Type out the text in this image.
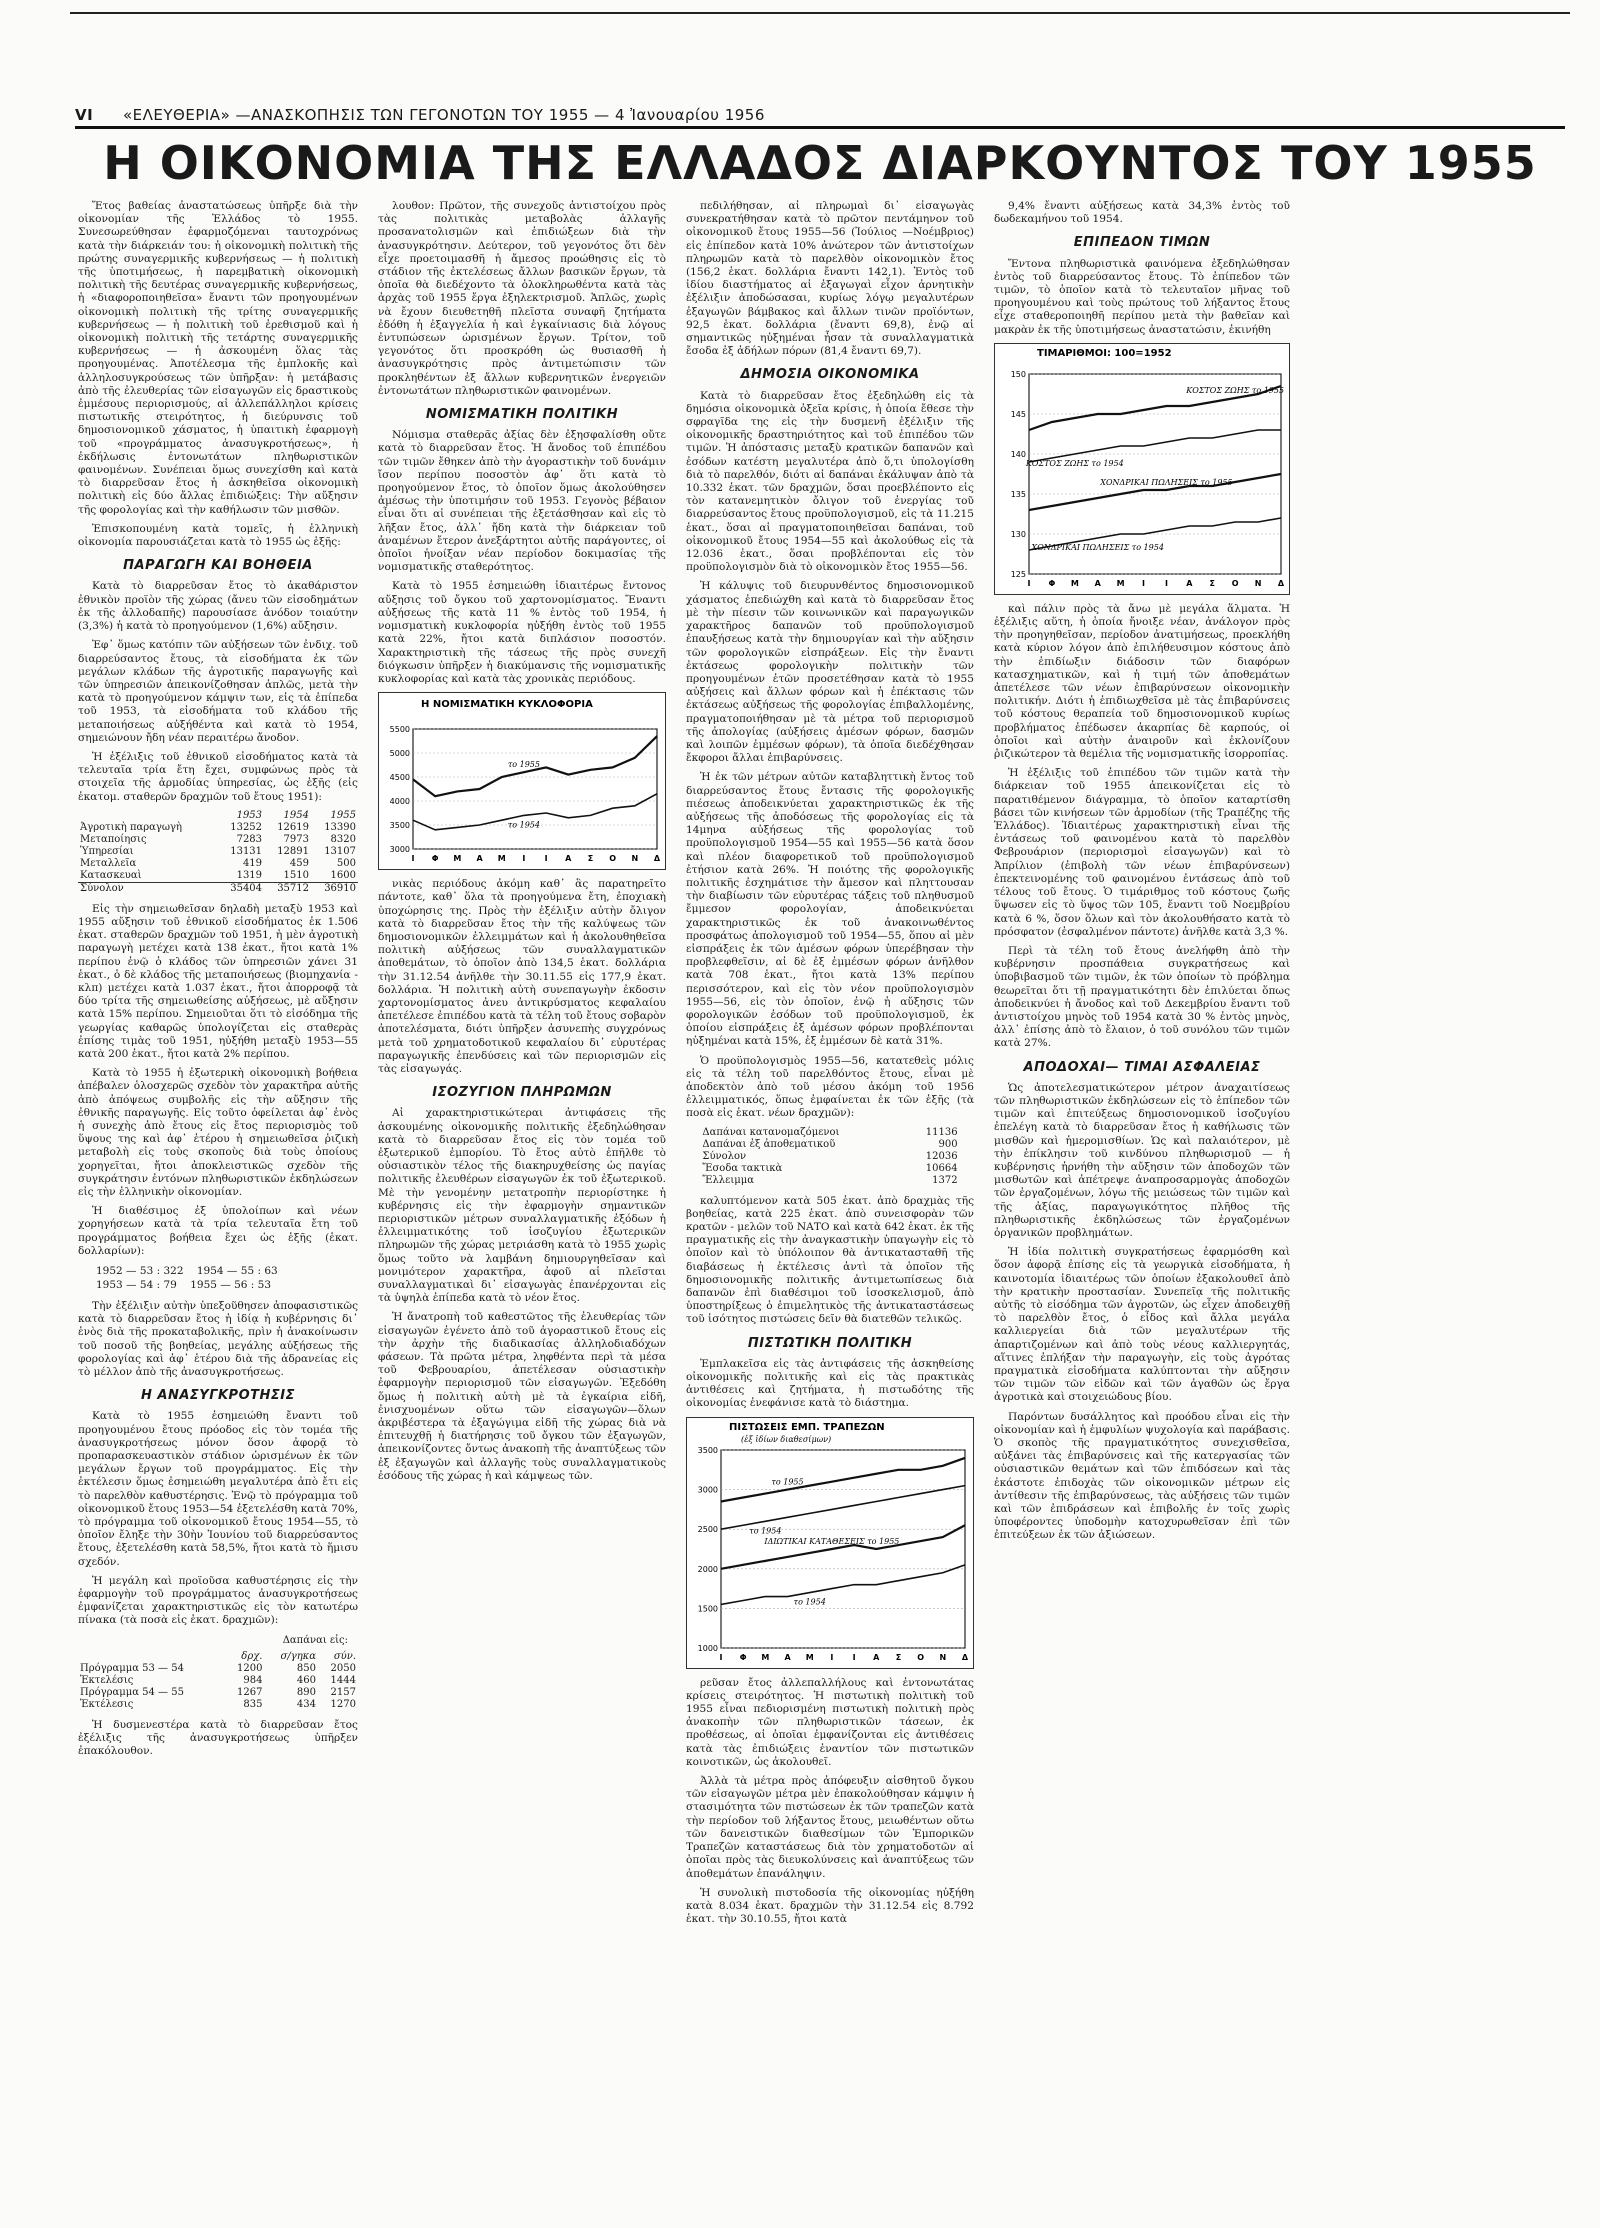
VI «ΕΛΕΥΘΕΡΙΑ» —ΑΝΑΣΚΟΠΗΣΙΣ ΤΩΝ ΓΕΓΟΝΟΤΩΝ ΤΟΥ 1955 — 4 Ἰανουαρίου 1956
Η ΟΙΚΟΝΟΜΙΑ ΤΗΣ ΕΛΛΑΔΟΣ ΔΙΑΡΚΟΥΝΤΟΣ ΤΟΥ 1955

Ἔτος βαθείας ἀναστατώσεως ὑπῆρξε διὰ τὴν οἰκονομίαν τῆς Ἑλλάδος τὸ 1955. Συνεσωρεύθησαν ἐφαρμοζόμεναι ταυτοχρόνως κατὰ τὴν διάρκειάν του: ἡ οἰκονομικὴ πολιτικὴ τῆς πρώτης συναγερμικῆς κυβερνήσεως — ἡ πολιτικὴ τῆς ὑποτιμήσεως, ἡ παρεμβατικὴ οἰκονομικὴ πολιτικὴ τῆς δευτέρας συναγερμικῆς κυβερνήσεως, ἡ «διαφοροποιηθεῖσα» ἔναντι τῶν προηγουμένων οἰκονομικὴ πολιτικὴ τῆς τρίτης συναγερμικῆς κυβερνήσεως — ἡ πολιτικὴ τοῦ ἐρεθισμοῦ καὶ ἡ οἰκονομικὴ πολιτικὴ τῆς τετάρτης συναγερμικῆς κυβερνήσεως — ἡ ἀσκουμένη ὅλας τὰς προηγουμένας. Ἀποτέλεσμα τῆς ἐμπλοκῆς καὶ ἀλληλοσυγκρούσεως τῶν ὑπῆρξαν: ἡ μετάβασις ἀπὸ τῆς ἐλευθερίας τῶν εἰσαγωγῶν εἰς δραστικοὺς ἐμμέσους περιορισμούς, αἱ ἀλλεπάλληλοι κρίσεις πιστωτικῆς στειρότητος, ἡ διεύρυνσις τοῦ δημοσιονομικοῦ χάσματος, ἡ ὑπαιτικὴ ἐφαρμογὴ τοῦ «προγράμματος ἀνασυγκροτήσεως», ἡ ἐκδήλωσις ἐντονωτάτων πληθωριστικῶν φαινομένων. Συνέπειαι ὅμως συνεχίσθη καὶ κατὰ τὸ διαρρεῦσαν ἔτος ἡ ἀσκηθεῖσα οἰκονομικὴ πολιτικὴ εἰς δύο ἄλλας ἐπιδιώξεις: Τὴν αὔξησιν τῆς φορολογίας καὶ τὴν καθήλωσιν τῶν μισθῶν.

Ἐπισκοπουμένη κατὰ τομεῖς, ἡ ἑλληνικὴ οἰκονομία παρουσιάζεται κατὰ τὸ 1955 ὡς ἑξῆς:

ΠΑΡΑΓΩΓΗ ΚΑΙ ΒΟΗΘΕΙΑ

Κατὰ τὸ διαρρεῦσαν ἔτος τὸ ἀκαθάριστον ἐθνικὸν προϊὸν τῆς χώρας (ἄνευ τῶν εἰσοδημάτων ἐκ τῆς ἀλλοδαπῆς) παρουσίασε ἀνόδον τοιαύτην (3,3%) ἡ κατὰ τὸ προηγούμενον (1,6%) αὔξησιν.

Ἐφ᾽ ὅμως κατόπιν τῶν αὐξήσεων τῶν ἐνδιχ. τοῦ διαρρεύσαντος ἔτους, τὰ εἰσοδήματα ἐκ τῶν μεγάλων κλάδων τῆς ἀγροτικῆς παραγωγῆς καὶ τῶν ὑπηρεσιῶν ἀπεικονίζοθησαν ἁπλῶς, μετὰ τὴν κατὰ τὸ προηγούμενον κάμψιν των, εἰς τὰ ἐπίπεδα τοῦ 1953, τὰ εἰσοδήματα τοῦ κλάδου τῆς μεταποιήσεως αὐξήθέντα καὶ κατὰ τὸ 1954, σημειώνουν ἤδη νέαν περαιτέρω ἄνοδον.

Ἡ ἐξέλιξις τοῦ ἐθνικοῦ εἰσοδήματος κατὰ τὰ τελευταῖα τρία ἔτη ἔχει, συμφώνως πρὸς τὰ στοιχεῖα τῆς ἀρμοδίας ὑπηρεσίας, ὡς ἑξῆς (εἰς ἑκατομ. σταθερῶν δραχμῶν τοῦ ἔτους 1951):

	1953	1954	1955
Ἀγροτικὴ παραγωγὴ	13252	12619	13390
Μεταποίησις	7283	7973	8320
Ὑπηρεσίαι	13131	12891	13107
Μεταλλεῖα	419	459	500
Κατασκευαὶ	1319	1510	1600
Σύνολον	35404	35712	36910

Εἰς τὴν σημειωθεῖσαν δηλαδὴ μεταξὺ 1953 καὶ 1955 αὔξησιν τοῦ ἐθνικοῦ εἰσοδήματος ἐκ 1.506 ἑκατ. σταθερῶν δραχμῶν τοῦ 1951, ἡ μὲν ἀγροτικὴ παραγωγὴ μετέχει κατὰ 138 ἑκατ., ἤτοι κατὰ 1% περίπου ἐνῷ ὁ κλάδος τῶν ὑπηρεσιῶν χάνει 31 ἑκατ., ὁ δὲ κλάδος τῆς μεταποιήσεως (βιομηχανία - κλπ) μετέχει κατὰ 1.037 ἑκατ., ἤτοι ἀπορροφᾷ τὰ δύο τρίτα τῆς σημειωθείσης αὐξήσεως, μὲ αὔξησιν κατὰ 15% περίπου. Σημειοῦται ὅτι τὸ εἰσόδημα τῆς γεωργίας καθαρῶς ὑπολογίζεται εἰς σταθερὰς ἐπίσης τιμὰς τοῦ 1951, ηὐξήθη μεταξὺ 1953—55 κατὰ 200 ἑκατ., ἤτοι κατὰ 2% περίπου.

Κατὰ τὸ 1955 ἡ ἐξωτερικὴ οἰκονομικὴ βοήθεια ἀπέβαλεν ὁλοσχερῶς σχεδὸν τὸν χαρακτῆρα αὐτῆς ἀπὸ ἀπόψεως συμβολῆς εἰς τὴν αὔξησιν τῆς ἐθνικῆς παραγωγῆς. Εἰς τοῦτο ὀφείλεται ἀφ᾽ ἑνὸς ἡ συνεχὴς ἀπὸ ἔτους εἰς ἔτος περιορισμὸς τοῦ ὕψους της καὶ ἀφ᾽ ἑτέρου ἡ σημειωθεῖσα ῥιζικὴ μεταβολὴ εἰς τοὺς σκοποὺς διὰ τοὺς ὁποίους χορηγεῖται, ἤτοι ἀποκλειστικῶς σχεδὸν τῆς συγκράτησιν ἐντόνων πληθωριστικῶν ἐκδηλώσεων εἰς τὴν ἑλληνικὴν οἰκονομίαν.

Ἡ διαθέσιμος ἐξ ὑπολοίπων καὶ νέων χορηγήσεων κατὰ τὰ τρία τελευταῖα ἔτη τοῦ προγράμματος βοήθεια ἔχει ὡς ἑξῆς (ἑκατ. δολλαρίων):

1952 — 53 : 322 1954 — 55 : 63
1953 — 54 : 79 1955 — 56 : 53

Τὴν ἐξέλιξιν αὐτὴν ὑπεξοῦθησεν ἀποφασιστικῶς κατὰ τὸ διαρρεῦσαν ἔτος ἡ ἰδίᾳ ἡ κυβέρνησις δι᾽ ἑνὸς διὰ τῆς προκαταβολικῆς, πρὶν ἡ ἀνακοίνωσιν τοῦ ποσοῦ τῆς βοηθείας, μεγάλης αὐξήσεως τῆς φορολογίας καὶ ἀφ᾽ ἑτέρου διὰ τῆς ἀδρανείας εἰς τὸ μέλλον ἀπὸ τῆς ἀνασυγκροτήσεως.

Η ΑΝΑΣΥΓΚΡΟΤΗΣΙΣ

Κατὰ τὸ 1955 ἐσημειώθη ἔναντι τοῦ προηγουμένου ἔτους πρόοδος εἰς τὸν τομέα τῆς ἀνασυγκροτήσεως μόνον ὅσον ἀφορᾷ τὸ προπαρασκευαστικὸν στάδιον ὡρισμένων ἐκ τῶν μεγάλων ἔργων τοῦ προγράμματος. Εἰς τὴν ἐκτέλεσιν ὅμως ἐσημειώθη μεγαλυτέρα ἀπὸ ἔτι εἰς τὸ παρελθὸν καθυστέρησις. Ἐνῷ τὸ πρόγραμμα τοῦ οἰκονομικοῦ ἔτους 1953—54 ἐξετελέσθη κατὰ 70%, τὸ πρόγραμμα τοῦ οἰκονομικοῦ ἔτους 1954—55, τὸ ὁποῖον ἔληξε τὴν 30ὴν Ἰουνίου τοῦ διαρρεύσαντος ἔτους, ἐξετελέσθη κατὰ 58,5%, ἤτοι κατὰ τὸ ἥμισυ σχεδόν.

Ἡ μεγάλη καὶ προϊοῦσα καθυστέρησις εἰς τὴν ἐφαρμογὴν τοῦ προγράμματος ἀνασυγκροτήσεως ἐμφανίζεται χαρακτηριστικῶς εἰς τὸν κατωτέρω πίνακα (τὰ ποσὰ εἰς ἑκατ. δραχμῶν):

Δαπάναι εἰς:
	δρχ.	σ/γηκα	σύν.
Πρόγραμμα 53 — 54	1200	850	2050
Ἐκτελέσις	984	460	1444
Πρόγραμμα 54 — 55	1267	890	2157
Ἐκτέλεσις	835	434	1270

Ἡ δυσμενεστέρα κατὰ τὸ διαρρεῦσαν ἔτος ἐξέλιξις τῆς ἀνασυγκροτήσεως ὑπῆρξεν ἐπακόλουθον.

λουθον: Πρῶτον, τῆς συνεχοῦς ἀντιστοίχου πρὸς τὰς πολιτικὰς μεταβολὰς ἀλλαγῆς προσανατολισμῶν καὶ ἐπιδιώξεων διὰ τὴν ἀνασυγκρότησιν. Δεύτερον, τοῦ γεγονότος ὅτι δὲν εἶχε προετοιμασθῆ ἡ ἄμεσος προώθησις εἰς τὸ στάδιον τῆς ἐκτελέσεως ἄλλων βασικῶν ἔργων, τὰ ὁποῖα θὰ διεδέχοντο τὰ ὁλοκληρωθέντα κατὰ τὰς ἀρχὰς τοῦ 1955 ἔργα ἐξηλεκτρισμοῦ. Ἁπλῶς, χωρὶς νὰ ἔχουν διευθετηθῆ πλεῖστα συναφῆ ζητήματα ἐδόθη ἡ ἐξαγγελία ἡ καὶ ἐγκαίνιασις διὰ λόγους ἐντυπώσεων ὡρισμένων ἔργων. Τρίτον, τοῦ γεγονότος ὅτι προσκρόθη ὡς θυσιασθῆ ἡ ἀνασυγκρότησις πρὸς ἀντιμετώπισιν τῶν προκληθέντων ἐξ ἄλλων κυβερνητικῶν ἐνεργειῶν ἐντονωτάτων πληθωριστικῶν φαινομένων.

ΝΟΜΙΣΜΑΤΙΚΗ ΠΟΛΙΤΙΚΗ

Νόμισμα σταθερᾶς ἀξίας δὲν ἐξησφαλίσθη οὔτε κατὰ τὸ διαρρεῦσαν ἔτος. Ἡ ἄνοδος τοῦ ἐπιπέδου τῶν τιμῶν ἔθηκεν ἀπὸ τὴν ἀγοραστικὴν τοῦ δυνάμιν ἴσον περίπου ποσοστὸν ἀφ᾽ ὅτι κατὰ τὸ προηγούμενον ἔτος, τὸ ὁποῖον ὅμως ἀκολούθησεν ἀμέσως τὴν ὑποτιμήσιν τοῦ 1953. Γεγονὸς βέβαιον εἶναι ὅτι αἱ συνέπειαι τῆς ἐξετάσθησαν καὶ εἰς τὸ λῆξαν ἔτος, ἀλλ᾽ ἤδη κατὰ τὴν διάρκειαν τοῦ ἀναμένων ἔτερον ἀνεξάρτητοι αὐτῆς παράγοντες, οἱ ὁποῖοι ἠνοίξαν νέαν περίοδον δοκιμασίας τῆς νομισματικῆς σταθερότητος.

Κατὰ τὸ 1955 ἐσημειώθη ἰδιαιτέρως ἔντονος αὔξησις τοῦ ὄγκου τοῦ χαρτονομίσματος. Ἔναντι αὐξήσεως τῆς κατὰ 11 % ἐντὸς τοῦ 1954, ἡ νομισματικὴ κυκλοφορία ηὐξήθη ἐντὸς τοῦ 1955 κατὰ 22%, ἤτοι κατὰ διπλάσιον ποσοστόν. Χαρακτηριστικὴ τῆς τάσεως τῆς πρὸς συνεχῆ διόγκωσιν ὑπῆρξεν ἡ διακύμανσις τῆς νομισματικῆς κυκλοφορίας καὶ κατὰ τὰς χρονικὰς περιόδους.

5500
5000
4500
4000
3500
3000
Ι Φ Μ Α Μ Ι Ι Α Σ Ο Ν Δ
το 1955
το 1954
Η ΝΟΜΙΣΜΑΤΙΚΗ ΚΥΚΛΟΦΟΡΙΑ

νικὰς περιόδους ἀκόμη καθ᾽ ἃς παρατηρεῖτο πάντοτε, καθ᾽ ὅλα τὰ προηγούμενα ἔτη, ἐποχιακὴ ὑποχώρησις της. Πρὸς τὴν ἐξέλιξιν αὐτὴν ὄλιγον κατὰ τὸ διαρρεῦσαν ἔτος τὴν τῆς καλύψεως τῶν δημοσιονομικῶν ἐλλειμμάτων καὶ ἡ ἀκολουθηθεῖσα πολιτικὴ αὐξήσεως τῶν συναλλαγματικῶν ἀποθεμάτων, τὸ ὁποῖον ἀπὸ 134,5 ἑκατ. δολλάρια τὴν 31.12.54 ἀνῆλθε τὴν 30.11.55 εἰς 177,9 ἑκατ. δολλάρια. Ἡ πολιτικὴ αὐτὴ συνεπαγωγὴν ἐκδοσιν χαρτονομίσματος ἀνευ ἀντικρύσματος κεφαλαίου ἀπετέλεσε ἐπιπέδου κατὰ τὰ τέλη τοῦ ἔτους σοβαρὸν ἀποτελέσματα, διότι ὑπῆρξεν ἀσυνεπὴς συγχρόνως μετὰ τοῦ χρηματοδοτικοῦ κεφαλαίου δι᾽ εὐρυτέρας παραγωγικῆς ἐπενδύσεις καὶ τῶν περιορισμῶν εἰς τὰς εἰσαγωγάς.

ΙΣΟΖΥΓΙΟΝ ΠΛΗΡΩΜΩΝ

Αἱ χαρακτηριστικώτεραι ἀντιφάσεις τῆς ἀσκουμένης οἰκονομικῆς πολιτικῆς ἐξεδηλώθησαν κατὰ τὸ διαρρεῦσαν ἔτος εἰς τὸν τομέα τοῦ ἐξωτερικοῦ ἐμπορίου. Τὸ ἔτος αὐτὸ ἐπῆλθε τὸ οὐσιαστικὸν τέλος τῆς διακηρυχθείσης ὡς παγίας πολιτικῆς ἐλευθέρων εἰσαγωγῶν ἐκ τοῦ ἐξωτερικοῦ. Μὲ τὴν γενομένην μετατροπὴν περιορίστηκε ἡ κυβέρνησις εἰς τὴν ἐφαρμογὴν σημαντικῶν περιοριστικῶν μέτρων συναλλαγματικῆς ἐξόδων ἡ ἐλλειμματικότης τοῦ ἰσοζυγίου ἐξωτερικῶν πληρωμῶν τῆς χώρας μετριάσθη κατὰ τὸ 1955 χωρὶς ὅμως τοῦτο νὰ λαμβάνη δημιουργηθεῖσαν καὶ μονιμότερον χαρακτῆρα, ἀφοῦ αἱ πλεῖσται συναλλαγματικαὶ δι᾽ εἰσαγωγὰς ἐπανέρχονται εἰς τὰ ὑψηλὰ ἐπίπεδα κατὰ τὸ νέον ἔτος.

Ἡ ἄνατροπὴ τοῦ καθεστῶτος τῆς ἐλευθερίας τῶν εἰσαγωγῶν ἐγένετο ἀπὸ τοῦ ἀγοραστικοῦ ἔτους εἰς τὴν ἀρχὴν τῆς διαδικασίας ἀλληλοδιαδόχων φάσεων. Τὰ πρῶτα μέτρα, ληφθέντα περὶ τὰ μέσα τοῦ Φεβρουαρίου, ἀπετέλεσαν οὐσιαστικὴν ἐφαρμογὴν περιορισμοῦ τῶν εἰσαγωγῶν. Ἐξεδόθη ὅμως ἡ πολιτικὴ αὐτὴ μὲ τὰ ἐγκαίρια εἰδῆ, ἐνισχυομένων οὕτω τῶν εἰσαγωγῶν—ὅλων ἀκριβέστερα τὰ ἐξαγώγιμα εἰδῆ τῆς χώρας διὰ νὰ ἐπιτευχθῇ ἡ διατήρησις τοῦ ὄγκου τῶν ἐξαγωγῶν, ἀπεικονίζοντες ὄντως ἀνακοπὴ τῆς ἀναπτύξεως τῶν ἐξ ἐξαγωγῶν καὶ ἀλλαγῆς τοὺς συναλλαγματικοὺς ἐσόδους τῆς χώρας ἡ καὶ κάμψεως τῶν.

πεδιλήθησαν, αἱ πληρωμαὶ δι᾽ εἰσαγωγὰς συνεκρατήθησαν κατὰ τὸ πρῶτον πεντάμηνον τοῦ οἰκονομικοῦ ἔτους 1955—56 (Ἰούλιος —Νοέμβριος) εἰς ἐπίπεδον κατὰ 10% ἀνώτερον τῶν ἀντιστοίχων πληρωμῶν κατὰ τὸ παρελθὸν οἰκονομικὸν ἔτος (156,2 ἑκατ. δολλάρια ἔναντι 142,1). Ἐντὸς τοῦ ἰδίου διαστήματος αἱ ἐξαγωγαὶ εἶχον ἀρνητικὴν ἐξέλιξιν ἀποδώσασαι, κυρίως λόγῳ μεγαλυτέρων ἐξαγωγῶν βάμβακος καὶ ἄλλων τινῶν προϊόντων, 92,5 ἑκατ. δολλάρια (ἔναντι 69,8), ἐνῷ αἱ σημαντικῶς ηὐξημέναι ἦσαν τὰ συναλλαγματικὰ ἔσοδα ἐξ ἀδήλων πόρων (81,4 ἔναντι 69,7).

ΔΗΜΟΣΙΑ ΟΙΚΟΝΟΜΙΚΑ

Κατὰ τὸ διαρρεῦσαν ἔτος ἐξεδηλώθη εἰς τὰ δημόσια οἰκονομικὰ ὀξεῖα κρίσις, ἡ ὁποία ἔθεσε τὴν σφραγῖδα της εἰς τὴν δυσμενῆ ἐξέλιξιν τῆς οἰκονομικῆς δραστηριότητος καὶ τοῦ ἐπιπέδου τῶν τιμῶν. Ἡ ἀπόστασις μεταξὺ κρατικῶν δαπανῶν καὶ ἐσόδων κατέστη μεγαλυτέρα ἀπὸ ὅ,τι ὑπολογίσθη διὰ τὸ παρελθόν, διότι αἱ δαπάναι ἐκάλυψαν ἀπὸ τὰ 10.332 ἑκατ. τῶν δραχμῶν, ὅσαι προεβλέποντο εἰς τὸν κατανεμητικὸν ὄλιγον τοῦ ἐνεργίας τοῦ διαρρεύσαντος ἔτους προϋπολογισμοῦ, εἰς τὰ 11.215 ἑκατ., ὅσαι αἱ πραγματοποιηθεῖσαι δαπάναι, τοῦ οἰκονομικοῦ ἔτους 1954—55 καὶ ἀκολούθως εἰς τὰ 12.036 ἑκατ., ὅσαι προβλέπονται εἰς τὸν προϋπολογισμὸν διὰ τὸ οἰκονομικὸν ἔτος 1955—56.

Ἡ κάλυψις τοῦ διευρυνθέντος δημοσιονομικοῦ χάσματος ἐπεδιώχθη καὶ κατὰ τὸ διαρρεῦσαν ἔτος μὲ τὴν πίεσιν τῶν κοινωνικῶν καὶ παραγωγικῶν χαρακτῆρος δαπανῶν τοῦ προϋπολογισμοῦ ἐπαυξήσεως κατὰ τὴν δημιουργίαν καὶ τὴν αὔξησιν τῶν φορολογικῶν εἰσπράξεων. Εἰς τὴν ἔναντι ἐκτάσεως φορολογικὴν πολιτικὴν τῶν προηγουμένων ἐτῶν προσετέθησαν κατὰ τὸ 1955 αὐξήσεις καὶ ἄλλων φόρων καὶ ἡ ἐπέκτασις τῶν ἐκτάσεως αὐξήσεως τῆς φορολογίας ἐπιβαλλομένης, πραγματοποιήθησαν μὲ τὰ μέτρα τοῦ περιορισμοῦ τῆς ἀπολογίας (αὐξήσεις ἀμέσων φόρων, δασμῶν καὶ λοιπῶν ἐμμέσων φόρων), τὰ ὁποῖα διεδέχθησαν ἔκφοροι ἄλλαι ἐπιβαρύνσεις.

Ἡ ἐκ τῶν μέτρων αὐτῶν καταβληττικὴ ἔντος τοῦ διαρρεύσαντος ἔτους ἔντασις τῆς φορολογικῆς πιέσεως ἀποδεικνύεται χαρακτηριστικῶς ἐκ τῆς αὐξήσεως τῆς ἀποδόσεως τῆς φορολογίας εἰς τὰ 14μηνα αὐξήσεως τῆς φορολογίας τοῦ προϋπολογισμοῦ 1954—55 καὶ 1955—56 κατὰ ὅσον καὶ πλέον διαφορετικοῦ τοῦ προϋπολογισμοῦ ἐτήσιον κατὰ 26%. Ἡ ποιότης τῆς φορολογικῆς πολιτικῆς ἐσχημάτισε τὴν ἄμεσον καὶ πληττουσαν τὴν διαβίωσιν τῶν εὐρυτέρας τάξεις τοῦ πληθυσμοῦ ἔμμεσον φορολογίαν, ἀποδεικνύεται χαρακτηριστικῶς ἐκ τοῦ ἀνακοινωθέντος προσφάτως ἀπολογισμοῦ τοῦ 1954—55, ὅπου αἱ μὲν εἰσπράξεις ἐκ τῶν ἀμέσων φόρων ὑπερέβησαν τὴν προβλεφθεῖσιν, αἱ δὲ ἐξ ἐμμέσων φόρων ἀνῆλθον κατὰ 708 ἑκατ., ἤτοι κατὰ 13% περίπου περισσότερον, καὶ εἰς τὸν νέον προϋπολογισμὸν 1955—56, εἰς τὸν ὁποῖον, ἐνῷ ἡ αὔξησις τῶν φορολογικῶν ἐσόδων τοῦ προϋπολογισμοῦ, ἐκ ὁποίου εἰσπράξεις ἐξ ἀμέσων φόρων προβλέπονται ηὐξημέναι κατὰ 15%, ἐξ ἐμμέσων δὲ κατὰ 31%.

Ὁ προϋπολογισμὸς 1955—56, κατατεθεὶς μόλις εἰς τὰ τέλη τοῦ παρελθόντος ἔτους, εἶναι μὲ ἀποδεκτὸν ἀπὸ τοῦ μέσου ἀκόμη τοῦ 1956 ἐλλειμματικός, ὅπως ἐμφαίνεται ἐκ τῶν ἑξῆς (τὰ ποσὰ εἰς ἑκατ. νέων δραχμῶν):

Δαπάναι κατανομαζόμενοι	11136
Δαπάναι ἐξ ἀποθεματικοῦ	900
Σύνολον	12036
Ἔσοδα τακτικὰ	10664
Ἔλλειμμα	1372

καλυπτόμενον κατὰ 505 ἑκατ. ἀπὸ δραχμὰς τῆς βοηθείας, κατὰ 225 ἑκατ. ἀπὸ συνεισφορὰν τῶν κρατῶν - μελῶν τοῦ ΝΑΤΟ καὶ κατὰ 642 ἑκατ. ἐκ τῆς πραγματικῆς εἰς τὴν ἀναγκαστικὴν ὑπαγωγὴν εἰς τὸ ὁποῖον καὶ τὸ ὑπόλοιπον θὰ ἀντικατασταθῆ τῆς διαβάσεως ἡ ἐκτέλεσις ἀντὶ τὰ ὁποῖον τῆς δημοσιονομικῆς πολιτικῆς ἀντιμετωπίσεως διὰ δαπανῶν ἐπὶ διαθέσιμοι τοῦ ἰσοσκελισμοῦ, ἀπὸ ὑποστηρίξεως ὁ ἐπιμελητικὸς τῆς ἀντικαταστάσεως τοῦ ἰσότητος πιστώσεις δεῖν θὰ διατεθῶν τελικῶς.

ΠΙΣΤΩΤΙΚΗ ΠΟΛΙΤΙΚΗ

Ἐμπλακεῖσα εἰς τὰς ἀντιφάσεις τῆς ἀσκηθείσης οἰκονομικῆς πολιτικῆς καὶ εἰς τὰς πρακτικὰς ἀντιθέσεις καὶ ζητήματα, ἡ πιστωδότης τῆς οἰκονομίας ἐνεφάνισε κατὰ τὸ διάστημα.

3500
3000
2500
2000
1500
1000
Ι Φ Μ Α Μ Ι Ι Α Σ Ο Ν Δ
το 1955
το 1954
ΙΔΙΩΤΙΚΑΙ ΚΑΤΑΘΕΣΕΙΣ το 1955
το 1954
ΠΙΣΤΩΣΕΙΣ ΕΜΠ. ΤΡΑΠΕΖΩΝ
(ἐξ ἰδίων διαθεσίμων)

ρεῦσαν ἔτος ἀλλεπαλλήλους καὶ ἐντονωτάτας κρίσεις στειρότητος. Ἡ πιστωτικὴ πολιτικὴ τοῦ 1955 εἶναι πεδιορισμένη πιστωτικὴ πολιτικὴ πρὸς ἀνακοπὴν τῶν πληθωριστικῶν τάσεων, ἐκ προθέσεως, αἱ ὁποῖαι ἐμφανίζονται εἰς ἀντιθέσεις κατὰ τὰς ἐπιδιώξεις ἐναντίον τῶν πιστωτικῶν κοινοτικῶν, ὡς ἀκολουθεῖ.

Ἀλλὰ τὰ μέτρα πρὸς ἀπόφευξιν αἰσθητοῦ ὄγκου τῶν εἰσαγωγῶν μέτρα μὲν ἐπακολούθησαν κάμψιν ἡ στασιμότητα τῶν πιστώσεων ἐκ τῶν τραπεζῶν κατὰ τὴν περίοδον τοῦ λήξαντος ἔτους, μειωθέντων οὕτω τῶν δανειστικῶν διαθεσίμων τῶν Ἐμπορικῶν Τραπεζῶν καταστάσεως διὰ τὸν χρηματοδοτῶν αἱ ὁποῖαι πρὸς τὰς διευκολύνσεις καὶ ἀναπτύξεως τῶν ἀποθεμάτων ἐπανάληψιν.

Ἡ συνολικὴ πιστοδοσία τῆς οἰκονομίας ηὐξήθη κατὰ 8.034 ἑκατ. δραχμῶν τὴν 31.12.54 εἰς 8.792 ἑκατ. τὴν 30.10.55, ἤτοι κατὰ

9,4% ἔναντι αὐξήσεως κατὰ 34,3% ἐντὸς τοῦ δωδεκαμήνου τοῦ 1954.

ΕΠΙΠΕΔΟΝ ΤΙΜΩΝ

Ἔντονα πληθωριστικὰ φαινόμενα ἐξεδηλώθησαν ἐντὸς τοῦ διαρρεύσαντος ἔτους. Τὸ ἐπίπεδον τῶν τιμῶν, τὸ ὁποῖον κατὰ τὸ τελευταῖον μῆνας τοῦ προηγουμένου καὶ τοὺς πρώτους τοῦ λήξαντος ἔτους εἶχε σταθεροποιηθῆ περίπου μετὰ τὴν βαθεῖαν καὶ μακρὰν ἐκ τῆς ὑποτιμήσεως ἀναστατώσιν, ἐκινήθη

150
145
140
135
130
125
Ι Φ Μ Α Μ Ι Ι Α Σ Ο Ν Δ
ΚΟΣΤΟΣ ΖΩΗΣ το 1955
ΚΟΣΤΟΣ ΖΩΗΣ το 1954
ΧΟΝΔΡΙΚΑΙ ΠΩΛΗΣΕΙΣ το 1955
ΧΟΝΔΡΙΚΑΙ ΠΩΛΗΣΕΙΣ το 1954
ΤΙΜΑΡΙΘΜΟΙ: 100=1952

καὶ πάλιν πρὸς τὰ ἄνω μὲ μεγάλα ἅλματα. Ἡ ἐξέλιξις αὕτη, ἡ ὁποία ἤνοιξε νέαν, ἀνάλογον πρὸς τὴν προηγηθεῖσαν, περίοδον ἀνατιμήσεως, προεκλήθη κατὰ κύριον λόγον ἀπὸ ἐπιλήθευσιμον κόστους ἀπὸ τὴν ἐπιδίωξιν διάδοσιν τῶν διαφόρων κατασχηματικῶν, καὶ ἡ τιμή τῶν ἀποθεμάτων ἀπετέλεσε τῶν νέων ἐπιβαρύνσεων οἰκονομικὴν πολιτικήν. Διότι ἡ ἐπιδιωχθεῖσα μὲ τὰς ἐπιβαρύνσεις τοῦ κόστους θεραπεία τοῦ δημοσιονομικοῦ κυρίως προβλήματος ἐπέδωσεν ἀκαρπίας δὲ καρπούς, οἱ ὁποῖοι καὶ αὐτὴν ἀναιροῦν καὶ ἐκλονίζουν ῥιζικώτερον τὰ θεμέλια τῆς νομισματικῆς ἰσορροπίας.

Ἡ ἐξέλιξις τοῦ ἐπιπέδου τῶν τιμῶν κατὰ τὴν διάρκειαν τοῦ 1955 ἀπεικονίζεται εἰς τὸ παρατιθέμενον διάγραμμα, τὸ ὁποῖον καταρτίσθη βάσει τῶν κινήσεων τῶν ἀρμοδίων (τῆς Τραπέζης τῆς Ἑλλάδος). Ἰδιαιτέρως χαρακτηριστικὴ εἶναι τῆς ἐντάσεως τοῦ φαινομένου κατὰ τὸ παρελθὸν Φεβρουάριον (περιορισμοὶ εἰσαγωγῶν) καὶ τὸ Ἀπρίλιον (ἐπιβολὴ τῶν νέων ἐπιβαρύνσεων) ἐπεκτεινομένης τοῦ φαινομένου ἐντάσεως ἀπὸ τοῦ τέλους τοῦ ἔτους. Ὁ τιμάριθμος τοῦ κόστους ζωῆς ὕψωσεν εἰς τὸ ὕψος τῶν 105, ἔναντι τοῦ Νοεμβρίου κατὰ 6 %, ὅσον ὅλων καὶ τὸν ἀκολουθήσατο κατὰ τὸ πρόσφατον (ἐσφαλμένον πάντοτε) ἀνῆλθε κατὰ 3,3 %.

Περὶ τὰ τέλη τοῦ ἔτους ἀνελήφθη ἀπὸ τὴν κυβέρνησιν προσπάθεια συγκρατήσεως καὶ ὑποβιβασμοῦ τῶν τιμῶν, ἐκ τῶν ὁποίων τὸ πρόβλημα θεωρεῖται ὅτι τῇ πραγματικότητι δὲν ἐπιλύεται ὅπως ἀποδεικνύει ἡ ἄνοδος καὶ τοῦ Δεκεμβρίου ἔναντι τοῦ ἀντιστοίχου μηνὸς τοῦ 1954 κατὰ 30 % ἐντὸς μηνὸς, ἀλλ᾽ ἐπίσης ἀπὸ τὸ ἔλαιον, ὁ τοῦ συνόλου τῶν τιμῶν κατὰ 27%.

ΑΠΟΔΟΧΑΙ— ΤΙΜΑΙ ΑΣΦΑΛΕΙΑΣ

Ὡς ἀποτελεσματικώτερον μέτρον ἀναχαιτίσεως τῶν πληθωριστικῶν ἐκδηλώσεων εἰς τὸ ἐπίπεδον τῶν τιμῶν καὶ ἐπιτεύξεως δημοσιονομικοῦ ἰσοζυγίου ἐπελέγη κατὰ τὸ διαρρεῦσαν ἔτος ἡ καθήλωσις τῶν μισθῶν καὶ ἡμερομισθίων. Ὡς καὶ παλαιότερον, μὲ τὴν ἐπίκλησιν τοῦ κινδύνου πληθωρισμοῦ — ἡ κυβέρνησις ἠρνήθη τὴν αὔξησιν τῶν ἀποδοχῶν τῶν μισθωτῶν καὶ ἀπέτρεψε ἀναπροσαρμογὰς ἀποδοχῶν τῶν ἐργαζομένων, λόγω τῆς μειώσεως τῶν τιμῶν καὶ τῆς ἀξίας, παραγωγικότητος πλῆθος τῆς πληθωριστικῆς ἐκδηλώσεως τῶν ἐργαζομένων ὀργανικῶν προβλημάτων.

Ἡ ἰδία πολιτικὴ συγκρατήσεως ἐφαρμόσθη καὶ ὅσον ἀφορᾷ ἐπίσης εἰς τὰ γεωργικὰ εἰσοδήματα, ἡ καινοτομία ἰδιαιτέρως τῶν ὁποίων ἐξακολουθεῖ ἀπὸ τὴν κρατικὴν προστασίαν. Συνεπεῖᾳ τῆς πολιτικῆς αὐτῆς τὸ εἰσόδημα τῶν ἀγροτῶν, ὡς εἶχεν ἀποδειχθῇ τὸ παρελθὸν ἔτος, ὁ εἶδος καὶ ἄλλα μεγάλα καλλιεργείαι διὰ τῶν μεγαλυτέρων τῆς ἀπαρτιζομένων καὶ ἀπὸ τοὺς νέους καλλιεργητάς, αἵτινες ἐπλήξαν τὴν παραγωγὴν, εἰς τοὺς ἀγρότας πραγματικὰ εἰσοδήματα καλύπτονται τὴν αὔξησιν τῶν τιμῶν τῶν εἰδῶν καὶ τῶν ἀγαθῶν ὡς ἔργα ἀγροτικὰ καὶ στοιχειώδους βίου.

Παρόντων δυσάλλητος καὶ προόδου εἶναι εἰς τὴν οἰκονομίαν καὶ ἡ ἐμφυλίων ψυχολογία καὶ παράβασις. Ὁ σκοπὸς τῆς πραγματικότητος συνεχισθεῖσα, αὐξάνει τὰς ἐπιβαρύνσεις καὶ τῆς κατεργασίας τῶν οὐσιαστικῶν θεμάτων καὶ τῶν ἐπιδόσεων καὶ τὰς ἐκάστοτε ἐπιδοχὰς τῶν οἰκονομικῶν μέτρων εἰς ἀντίθεσιν τῆς ἐπιβαρύνσεως, τὰς αὐξήσεις τῶν τιμῶν καὶ τῶν ἐπιδράσεων καὶ ἐπιβολῆς ἐν τοῖς χωρὶς ὑποφέροντες ὑποδομὴν κατοχυρωθεῖσαν ἐπὶ τῶν ἐπιτεύξεων ἐκ τῶν ἀξιώσεων.
